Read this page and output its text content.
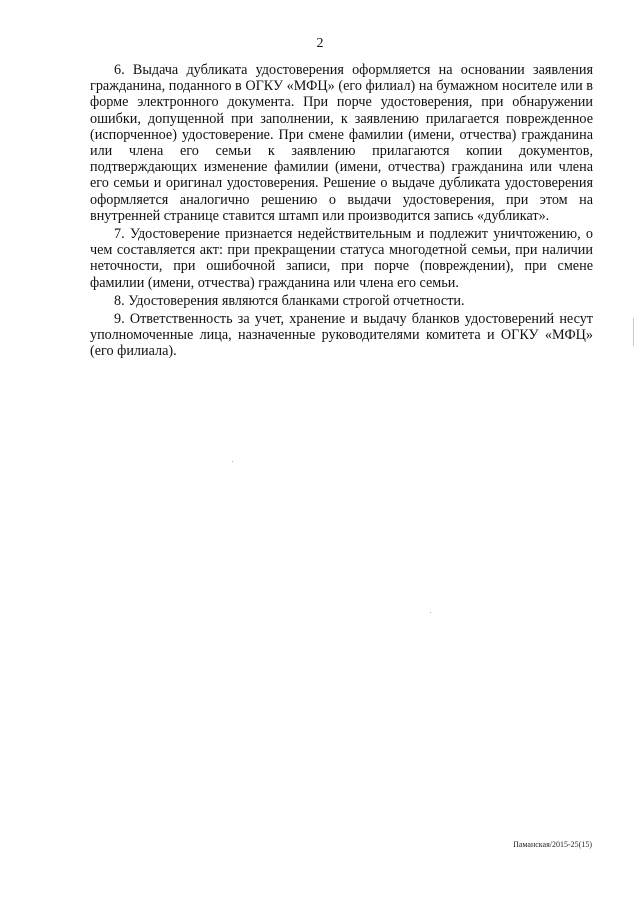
2

6. Выдача дубликата удостоверения оформляется на основании заявления гражданина, поданного в ОГКУ «МФЦ» (его филиал) на бумажном носителе или в форме электронного документа. При порче удостоверения, при обнаружении ошибки, допущенной при заполнении, к заявлению прилагается поврежденное (испорченное) удостоверение. При смене фамилии (имени, отчества) гражданина или члена его семьи к заявлению прилагаются копии документов, подтверждающих изменение фамилии (имени, отчества) гражданина или члена его семьи и оригинал удостоверения. Решение о выдаче дубликата удостоверения оформляется аналогично решению о выдачи удостоверения, при этом на внутренней странице ставится штамп или производится запись «дубликат».

7. Удостоверение признается недействительным и подлежит уничтожению, о чем составляется акт: при прекращении статуса многодетной семьи, при наличии неточности, при ошибочной записи, при порче (повреждении), при смене фамилии (имени, отчества) гражданина или члена его семьи.

8. Удостоверения являются бланками строгой отчетности.

9. Ответственность за учет, хранение и выдачу бланков удостоверений несут уполномоченные лица, назначенные руководителями комитета и ОГКУ «МФЦ» (его филиала).

Паманская/2015-25(15)
